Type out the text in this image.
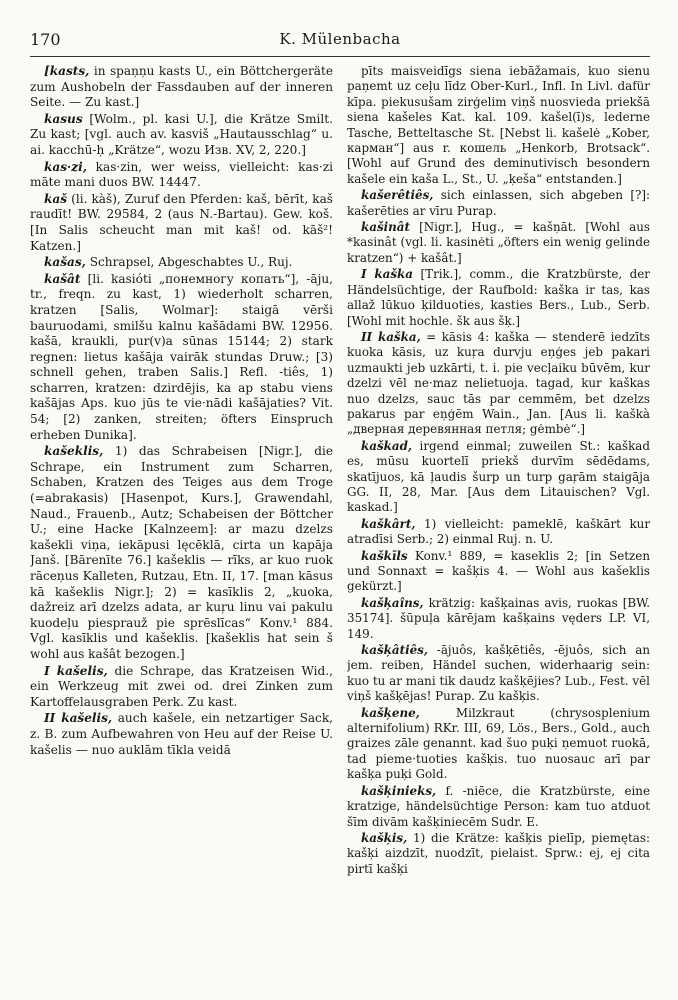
170	K. Mülenbacha

[kasts, in spaņņu kasts U., ein Böttchergeräte zum Aushobeln der Fassdauben auf der inneren Seite. — Zu kast.]

kasus [Wolm., pl. kasi U.], die Krätze Smilt. Zu kast; [vgl. auch av. kasviš „Hautausschlag“ u. ai. kacchū-ḥ „Krätze“, wozu Изв. XV, 2, 220.]

kas·zi, kas·zin, wer weiss, vielleicht: kas·zi māte mani duos BW. 14447.

kaš (li. kàš), Zuruf den Pferden: kaš, bērīt, kaš raudīt! BW. 29584, 2 (aus N.-Bartau). Gew. koš. [In Salis scheucht man mit kaš! od. kāš²! Katzen.]

kašas, Schrapsel, Abgeschabtes U., Ruj.

kašât [li. kasióti „понемногу копать“], -āju, tr., freqn. zu kast, 1) wiederholt scharren, kratzen [Salis, Wolmar]: staigā vērši bauruodami, smilšu kalnu kašādami BW. 12956. kašā, kraukli, pur(v)a sūnas 15144; 2) stark regnen: lietus kašāja vairāk stundas Druw.; [3) schnell gehen, traben Salis.] Refl. -tiês, 1) scharren, kratzen: dzirdējis, ka ap stabu viens kašājas Aps. kuo jūs te vie·nādi kašājaties? Vit. 54; [2) zanken, streiten; öfters Einspruch erheben Dunika].

kašeklis, 1) das Schrabeisen [Nigr.], die Schrape, ein Instrument zum Scharren, Schaben, Kratzen des Teiges aus dem Troge (=abrakasis) [Hasenpot, Kurs.], Grawendahl, Naud., Frauenb., Autz; Schabeisen der Böttcher U.; eine Hacke [Kalnzeem]: ar mazu dzelzs kašekli viņa, iekāpusi lęcēklā, cirta un kapāja Janš. [Bārenīte 76.] kašeklis — rīks, ar kuo ruok rāceņus Kalleten, Rutzau, Etn. II, 17. [man kāsus kā kašeklis Nigr.]; 2) = kasīklis 2, „kuoka, dažreiz arī dzelzs adata, ar kuŗu linu vai pakulu kuodeļu piesprauž pie sprēslīcas“ Konv.¹ 884. Vgl. kasīklis und kašeklis. [kašeklis hat sein š wohl aus kašât bezogen.]

I kašelis, die Schrape, das Kratzeisen Wid., ein Werkzeug mit zwei od. drei Zinken zum Kartoffelausgraben Perk. Zu kast.

II kašelis, auch kašele, ein netzartiger Sack, z. B. zum Aufbewahren von Heu auf der Reise U. kašelis — nuo auklām tīkla veidā

pīts maisveidīgs siena iebāžamais, kuo sienu paņemt uz ceļu līdz Ober-Kurl., Infl. In Livl. dafür kīpa. piekusušam zirģelim viņš nuosviedа priekšā siena kašeles Kat. kal. 109. kašel(ī)s, lederne Tasche, Betteltasche St. [Nebst li. kašelė „Kober, карман“] aus r. кошель „Henkorb, Brotsack“. [Wohl auf Grund des deminutivisch besondern kašele ein kaša L., St., U. „ķeša“ entstanden.]

kašerêtiês, sich einlassen, sich abgeben [?]: kašerēties ar vīru Purap.

kašinât [Nigr.], Hug., = kašņāt. [Wohl aus *kasinât (vgl. li. kasinėti „öfters ein wenig gelinde kratzen“) + kašât.]

I kaška [Trik.], comm., die Kratzbürste, der Händelsüchtige, der Raufbold: kaška ir tas, kas allaž lūkuo ķilduoties, kasties Bers., Lub., Serb. [Wohl mit hochle. šk aus šķ.]

II kaška, = kāsis 4: kaška — stenderē iedzīts kuoka kāsis, uz kuŗa durvju eņģes jeb pakari uzmaukti jeb uzkārti, t. i. pie vecļaiku būvēm, kur dzelzi vēl ne·maz nelietuoja. tagad, kur kaškas nuo dzelzs, sauc tās par cemmēm, bet dzelzs pakarus par eņģēm Wain., Jan. [Aus li. kaškà „дверная деревянная петля; gėmbė“.]

kaškad, irgend einmal; zuweilen St.: kaškad es, mūsu kuortelī priekš durvīm sēdēdams, skatījuos, kā ļaudis šurp un turp gaŗām staigāja GG. II, 28, Mar. [Aus dem Litauischen? Vgl. kaskad.]

kaškârt, 1) vielleicht: pameklē, kaškārt kur atradīsi Serb.; 2) einmal Ruj. n. U.

kaškīls Konv.¹ 889, = kaseklis 2; [in Setzen und Sonnaxt = kašķis 4. — Wohl aus kašeklis gekürzt.]

kašķaîns, krätzig: kašķainas avis, ruokas [BW. 35174]. šūpuļa kārējam kašķains vęders LP. VI, 149.

kašķâtiês, -ājuôs, kašķētiês, -ējuôs, sich an jem. reiben, Händel suchen, widerhaarig sein: kuo tu ar mani tik daudz kašķējies? Lub., Fest. vēl viņš kašķējas! Purap. Zu kašķis.

kašķene,	Milzkraut (chrysosplenium alternifolium) RKr. III, 69, Lös., Bers., Gold., auch graizes zāle genannt. kad šuo puķi ņemuot ruokā, tad pieme·tuoties kašķis. tuo nuosauc arī par kašķa puķi Gold.

kašķinieks, f. -niēce, die Kratzbürste, eine kratzige, händelsüchtige Person: kam tuo atduot šīm divām kašķiniecēm Sudr. E.

kašķis, 1) die Krätze: kašķis pielīp, piemętas: kašķi aizdzīt, nuodzīt, pielaist. Sprw.: ej, ej cita pirtī kašķi
